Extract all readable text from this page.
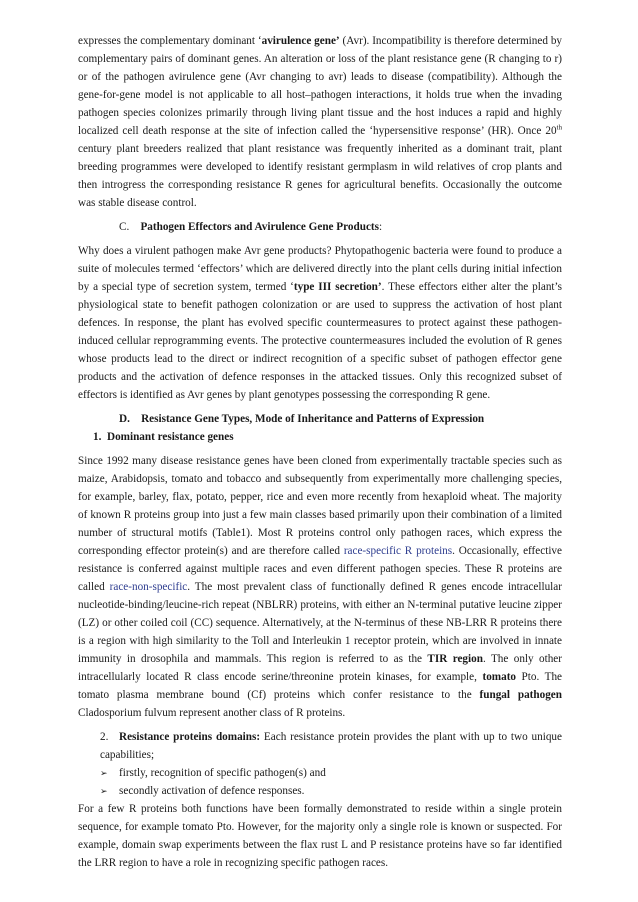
expresses the complementary dominant ‘avirulence gene’ (Avr). Incompatibility is therefore determined by complementary pairs of dominant genes. An alteration or loss of the plant resistance gene (R changing to r) or of the pathogen avirulence gene (Avr changing to avr) leads to disease (compatibility). Although the gene-for-gene model is not applicable to all host–pathogen interactions, it holds true when the invading pathogen species colonizes primarily through living plant tissue and the host induces a rapid and highly localized cell death response at the site of infection called the ‘hypersensitive response’ (HR). Once 20th century plant breeders realized that plant resistance was frequently inherited as a dominant trait, plant breeding programmes were developed to identify resistant germplasm in wild relatives of crop plants and then introgress the corresponding resistance R genes for agricultural benefits. Occasionally the outcome was stable disease control.

C. Pathogen Effectors and Avirulence Gene Products:

Why does a virulent pathogen make Avr gene products? Phytopathogenic bacteria were found to produce a suite of molecules termed ‘effectors’ which are delivered directly into the plant cells during initial infection by a special type of secretion system, termed ‘type III secretion’. These effectors either alter the plant’s physiological state to benefit pathogen colonization or are used to suppress the activation of host plant defences. In response, the plant has evolved specific countermeasures to protect against these pathogen-induced cellular reprogramming events. The protective countermeasures included the evolution of R genes whose products lead to the direct or indirect recognition of a specific subset of pathogen effector gene products and the activation of defence responses in the attacked tissues. Only this recognized subset of effectors is identified as Avr genes by plant genotypes possessing the corresponding R gene.

D. Resistance Gene Types, Mode of Inheritance and Patterns of Expression

1. Dominant resistance genes

Since 1992 many disease resistance genes have been cloned from experimentally tractable species such as maize, Arabidopsis, tomato and tobacco and subsequently from experimentally more challenging species, for example, barley, flax, potato, pepper, rice and even more recently from hexaploid wheat. The majority of known R proteins group into just a few main classes based primarily upon their combination of a limited number of structural motifs (Table1). Most R proteins control only pathogen races, which express the corresponding effector protein(s) and are therefore called race-specific R proteins. Occasionally, effective resistance is conferred against multiple races and even different pathogen species. These R proteins are called race-non-specific. The most prevalent class of functionally defined R genes encode intracellular nucleotide-binding/leucine-rich repeat (NBLRR) proteins, with either an N-terminal putative leucine zipper (LZ) or other coiled coil (CC) sequence. Alternatively, at the N-terminus of these NB-LRR R proteins there is a region with high similarity to the Toll and Interleukin 1 receptor protein, which are involved in innate immunity in drosophila and mammals. This region is referred to as the TIR region. The only other intracellularly located R class encode serine/threonine protein kinases, for example, tomato Pto. The tomato plasma membrane bound (Cf) proteins which confer resistance to the fungal pathogen Cladosporium fulvum represent another class of R proteins.

2. Resistance proteins domains: Each resistance protein provides the plant with up to two unique capabilities;

➢	firstly, recognition of specific pathogen(s) and
➢	secondly activation of defence responses.

For a few R proteins both functions have been formally demonstrated to reside within a single protein sequence, for example tomato Pto. However, for the majority only a single role is known or suspected. For example, domain swap experiments between the flax rust L and P resistance proteins have so far identified the LRR region to have a role in recognizing specific pathogen races.
